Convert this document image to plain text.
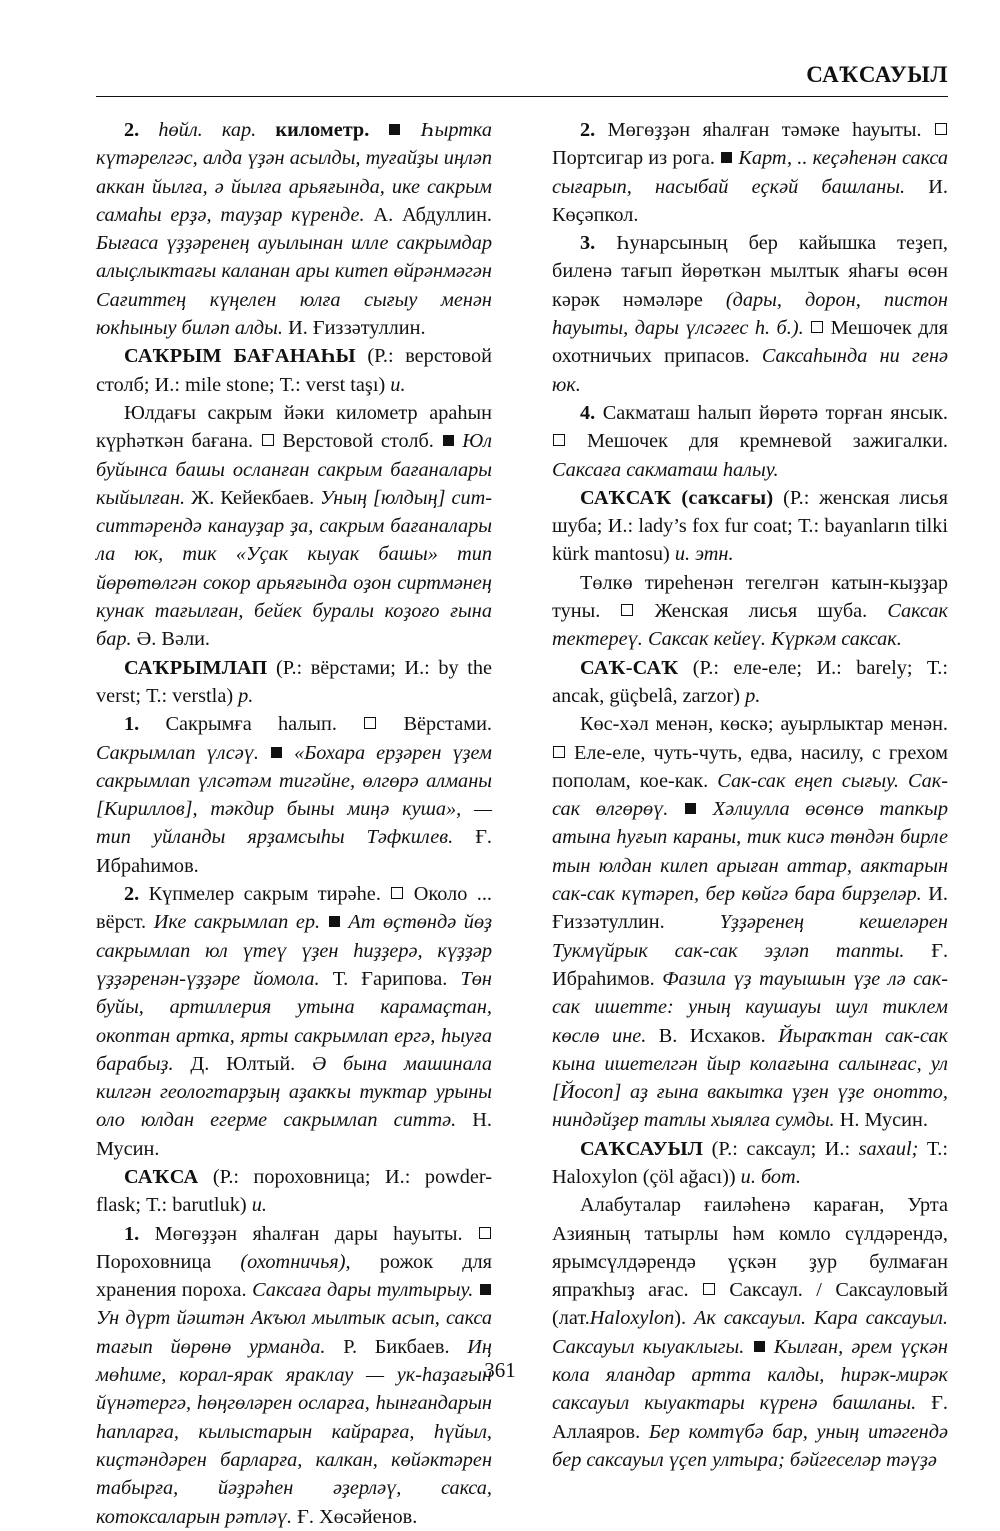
САҠСАУЫЛ

2. һөйл. кар. километр.	Һыртка күтәрелгәс, алда үҙән асылды, туғайҙы иңләп аккан йылға, ә йылға арьяғында, ике сакрым самаһы ерҙә, тауҙар күренде. А. Абдуллин. Бығаса үҙҙәренең ауылынан илле сакрымдар алыҫлыктағы каланан ары китеп өйрәнмәгән Сағиттең күңелен юлға сығыу менән юкһыныу биләп алды. И. Ғиззәтуллин.

САҠРЫМ БАҒАНАҺЫ (Р.: верстовой столб; И.: mile stone; Т.: verst taşı) и.

Юлдағы сакрым йәки километр араһын күрһәткән бағана. Верстовой столб. Юл буйынса башы осланған сакрым бағаналары кыйылған. Ж. Кейекбаев. Уның [юлдың] сит-ситтәрендә канауҙар ҙа, сакрым бағаналары ла юк, тик «Уҫак кыуак башы» тип йөрөтөлгән сокор арьяғында оҙон сиртмәнең кунак тағылған, бейек буралы коҙоғо ғына бар. Ә. Вәли.

САҠРЫМЛАП (Р.: вёрстами; И.: by the verst; Т.: verstla) р.

1. Сакрымға һалып.	Вёрстами. Сакрымлап үлсәү. «Бохара ерҙәрен үҙем сакрымлап үлсәтәм тигәйне, өлгөрә алманы [Кириллов], тәкдир быны миңә куша», — тип уйланды ярҙамсыһы Тәфкилев. Ғ. Ибраһимов.

2. Күпмелер сакрым тирәһе. Около ... вёрст. Ике сакрымлап ер. Ат өҫтөндә йөҙ сакрымлап юл үтеү үҙен һиҙҙерә, күҙҙәр үҙҙәренән-үҙҙәре йомола. Т. Ғарипова. Төн буйы, артиллерия утына карамаҫтан, окоптан артка, ярты сакрымлап ергә, һыуға барабыҙ. Д. Юлтый. Ә бына машинала килгән геологтарҙың аҙакҡы туктар урыны оло юлдан егерме сакрымлап ситтә. Н. Мусин.

САҠСА (Р.: пороховница; И.: powder-flask; Т.: barutluk) и.

1. Мөгөҙҙән яһалған дары һауыты.  Пороховница (охотничья), рожок для хранения пороха. Саксаға дары тултырыу.  Ун дүрт йәштән Акъюл мылтык асып, сакса тағып йөрөнө урманда. Р. Бикбаев. Иң мөһиме, корал-ярак яраклау — ук-һаҙағын йүнәтергә, һөңгөләрен осларға, һынғандарын һапларға, кылыстарын кайрарға, һүйыл, киҫтәндәрен барларға, калкан, көйәктәрен табырға, йәҙрәһен әҙерләү, сакса, котоксаларын рәтләү. Ғ. Хөсәйенов.

2. Мөгөҙҙән яһалған тәмәке һауыты.  Портсигар из рога. Карт, .. кеҫәһенән сакса сығарып, насыбай еҫкәй башланы. И. Көҫәпкол.

3. Һунарсының бер кайышка теҙеп, биленә тағып йөрөткән мылтык яһағы өсөн кәрәк нәмәләре (дары, дорон, пистон һауыты, дары үлсәгес һ. б.). Мешочек для охотничьих припасов. Саксаһында ни генә юк.

4. Сакматаш һалып йөрөтә торған янсык.  Мешочек для кремневой зажигалки. Саксаға сакматаш һалыу.

САҠСАҠ (саҡсағы) (Р.: женская лисья шуба; И.: lady’s fox fur coat; Т.: bayanların tilki kürk mantosu) и. этн.

Төлкө тиреһенән тегелгән катын-кыҙҙар туны.	Женская лисья шуба. Саксак тектереү. Саксак кейеү. Күркәм саксак.

САҠ-САҠ (Р.: еле-еле; И.: barely; Т.: ancak, güçbelâ, zarzor) р.

Көс-хәл менән, көскә; ауырлыктар менән.  Еле-еле, чуть-чуть, едва, насилу, с грехом пополам, кое-как. Сак-сак еңеп сығыу. Сак-сак өлгөрөү. Хәлиулла өсөнсө тапкыр атына һуғып караны, тик кисә төндән бирле тын юлдан килеп арыған аттар, аяктарын сак-сак күтәреп, бер көйгә бара бирҙеләр. И. Ғиззәтуллин.	Үҙҙәренең кешеләрен Тукмүйрык сак-сак эҙләп тапты. Ғ. Ибраһимов. Фазила үҙ тауышын үҙе лә сак-сак ишетте: уның каушауы шул тиклем көслө ине. В. Исхаков. Йыраҡтан сак-сак кына ишетелгән йыр колағына салынғас, ул [Йосоп] аҙ ғына вакытка үҙен үҙе онотто, ниндәйҙер татлы хыялға сумды. Н. Мусин.

САҠСАУЫЛ (Р.: саксаул; И.: saxaul; Т.: Haloxylon (çöl ağacı)) и. бот.

Алабуталар ғаиләһенә караған, Урта Азияның татырлы һәм комло сүлдәрендә, ярымсүлдәрендә үҫкән ҙур булмаған япраҡһыҙ ағас. Саксаул. / Саксауловый (лат.Haloxylon). Ак саксауыл. Кара саксауыл. Саксауыл кыуаклыгы. Кылған, әрем үҫкән кола яландар артта калды, һирәк-мирәк саксауыл кыуактары күренә башланы. Ғ. Аллаяров. Бер комтүбә бар, уның итәгендә бер саксауыл үҫеп ултыра; бәйгеселәр тәүҙә

361
